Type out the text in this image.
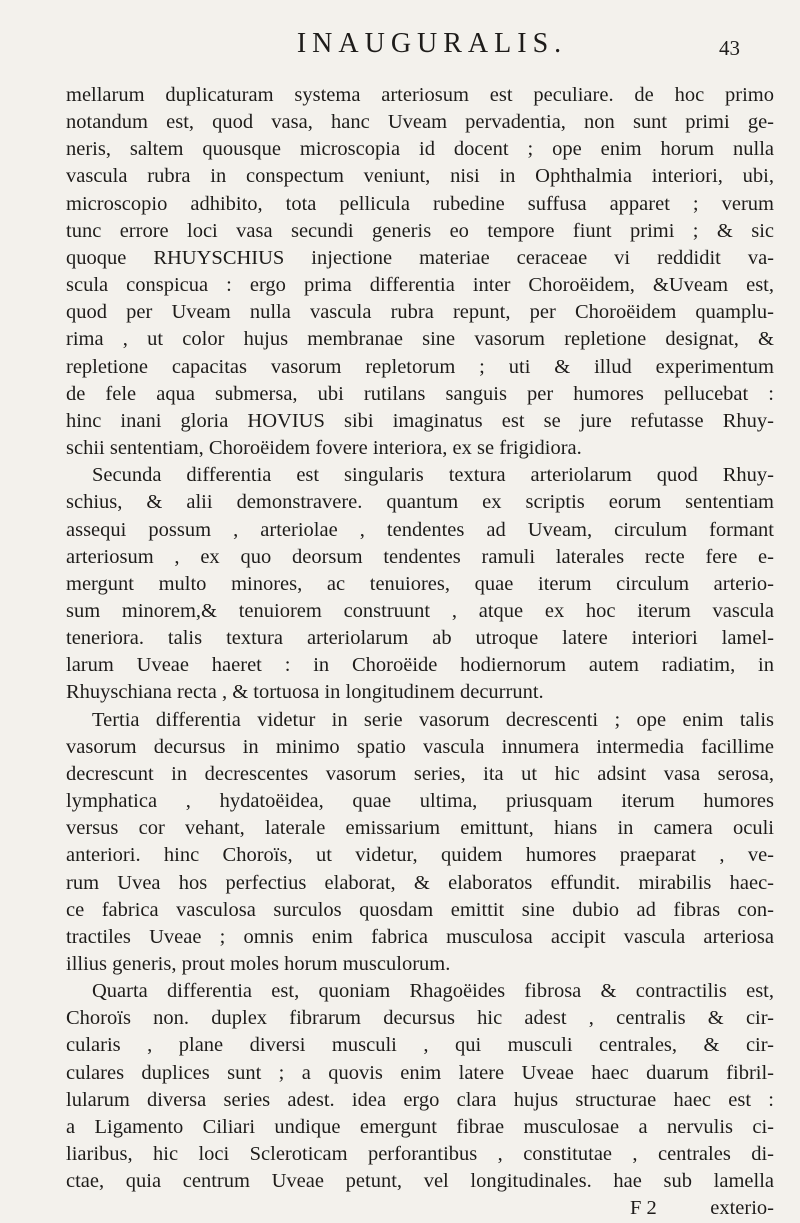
INAUGURALIS.	43
mellarum duplicaturam systema arteriosum est peculiare. de hoc primo
notandum est, quod vasa, hanc Uveam pervadentia, non sunt primi ge-
neris, saltem quousque microscopia id docent ; ope enim horum nulla
vascula rubra in conspectum veniunt, nisi in Ophthalmia interiori, ubi,
microscopio adhibito, tota pellicula rubedine suffusa apparet ; verum
tunc errore loci vasa secundi generis eo tempore fiunt primi ; & sic
quoque RHUYSCHIUS injectione materiae ceraceae vi reddidit va-
scula conspicua : ergo prima differentia inter Choroëidem, &Uveam est,
quod per Uveam nulla vascula rubra repunt, per Choroëidem quamplu-
rima , ut color hujus membranae sine vasorum repletione designat, &
repletione capacitas vasorum repletorum ; uti & illud experimentum
de fele aqua submersa, ubi rutilans sanguis per humores pellucebat :
hinc inani gloria HOVIUS sibi imaginatus est se jure refutasse Rhuy-
schii sententiam, Choroëidem fovere interiora, ex se frigidiora.
Secunda differentia est singularis textura arteriolarum quod Rhuy-
schius, & alii demonstravere. quantum ex scriptis eorum sententiam
assequi possum , arteriolae , tendentes ad Uveam, circulum formant
arteriosum , ex quo deorsum tendentes ramuli laterales recte fere e-
mergunt multo minores, ac tenuiores, quae iterum circulum arterio-
sum minorem,& tenuiorem construunt , atque ex hoc iterum vascula
teneriora. talis textura arteriolarum ab utroque latere interiori lamel-
larum Uveae haeret : in Choroëide hodiernorum autem radiatim, in
Rhuyschiana recta , & tortuosa in longitudinem decurrunt.
Tertia differentia videtur in serie vasorum decrescenti ; ope enim talis
vasorum decursus in minimo spatio vascula innumera intermedia facillime
decrescunt in decrescentes vasorum series, ita ut hic adsint vasa serosa,
lymphatica , hydatoëidea, quae ultima, priusquam iterum humores
versus cor vehant, laterale emissarium emittunt, hians in camera oculi
anteriori. hinc Choroïs, ut videtur, quidem humores praeparat , ve-
rum Uvea hos perfectius elaborat, & elaboratos effundit. mirabilis haec-
ce fabrica vasculosa surculos quosdam emittit sine dubio ad fibras con-
tractiles Uveae ; omnis enim fabrica musculosa accipit vascula arteriosa
illius generis, prout moles horum musculorum.
Quarta differentia est, quoniam Rhagoëides fibrosa & contractilis est,
Choroïs non. duplex fibrarum decursus hic adest , centralis & cir-
cularis , plane diversi musculi , qui musculi centrales, & cir-
culares duplices sunt ; a quovis enim latere Uveae haec duarum fibril-
lularum diversa series adest. idea ergo clara hujus structurae haec est :
a Ligamento Ciliari undique emergunt fibrae musculosae a nervulis ci-
liaribus, hic loci Scleroticam perforantibus , constitutae , centrales di-
ctae, quia centrum Uveae petunt, vel longitudinales. hae sub lamella
F 2	exterio-
